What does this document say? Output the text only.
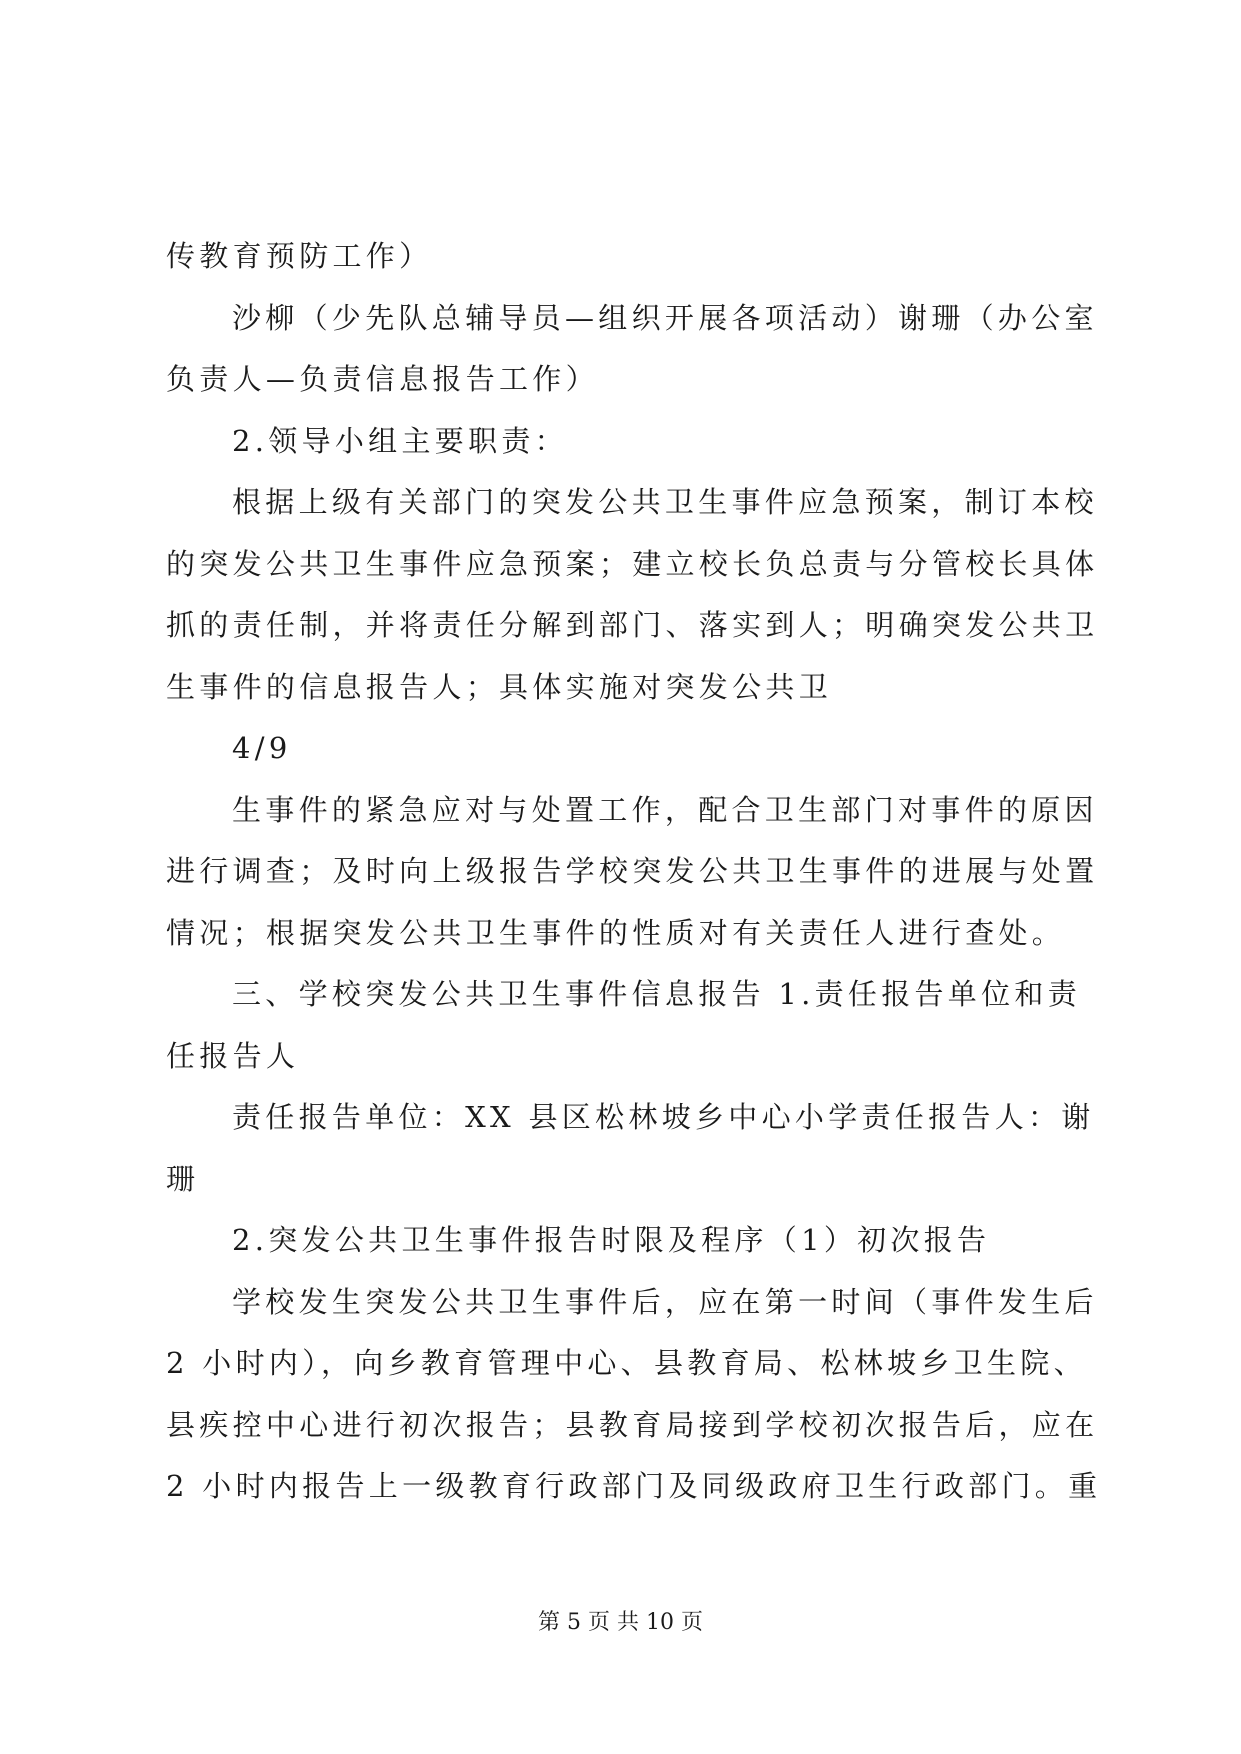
传教育预防工作）
沙柳（少先队总辅导员—组织开展各项活动）谢珊（办公室
负责人—负责信息报告工作）
2.领导小组主要职责：
根据上级有关部门的突发公共卫生事件应急预案，制订本校
的突发公共卫生事件应急预案；建立校长负总责与分管校长具体
抓的责任制，并将责任分解到部门、落实到人；明确突发公共卫
生事件的信息报告人；具体实施对突发公共卫
4/9
生事件的紧急应对与处置工作，配合卫生部门对事件的原因
进行调查；及时向上级报告学校突发公共卫生事件的进展与处置
情况；根据突发公共卫生事件的性质对有关责任人进行查处。
三、学校突发公共卫生事件信息报告 1.责任报告单位和责
任报告人
责任报告单位：XX 县区松林坡乡中心小学责任报告人：谢
珊
2.突发公共卫生事件报告时限及程序（1）初次报告
学校发生突发公共卫生事件后，应在第一时间（事件发生后
2 小时内），向乡教育管理中心、县教育局、松林坡乡卫生院、
县疾控中心进行初次报告；县教育局接到学校初次报告后，应在
2 小时内报告上一级教育行政部门及同级政府卫生行政部门。重
第 5 页 共 10 页
